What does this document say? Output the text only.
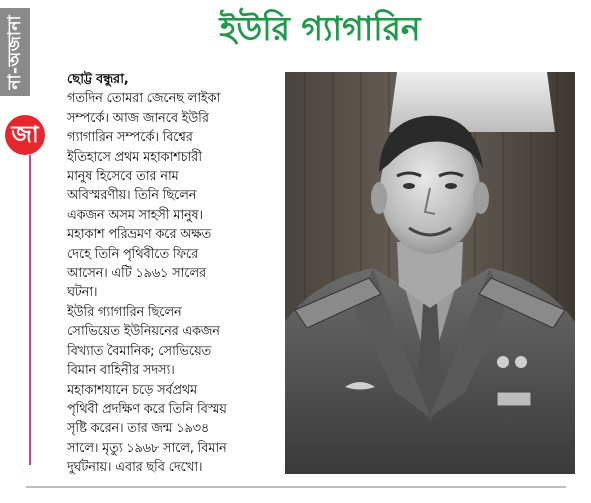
না-অজানা
জা
ইউরি গ্যাগারিন
ছোট্ট বন্ধুরা,
গতদিন তোমরা জেনেছ লাইকা
সম্পর্কে। আজ জানবে ইউরি
গ্যাগারিন সম্পর্কে। বিশ্বের
ইতিহাসে প্রথম মহাকাশচারী
মানুষ হিসেবে তার নাম
অবিস্মরণীয়। তিনি ছিলেন
একজন অসম সাহসী মানুষ।
মহাকাশ পরিভ্রমণ করে অক্ষত
দেহে তিনি পৃথিবীতে ফিরে
আসেন। এটি ১৯৬১ সালের
ঘটনা।
ইউরি গ্যাগারিন ছিলেন
সোভিয়েত ইউনিয়নের একজন
বিখ্যাত বৈমানিক; সোভিয়েত
বিমান বাহিনীর সদস্য।
মহাকাশযানে চড়ে সর্বপ্রথম
পৃথিবী প্রদক্ষিণ করে তিনি বিস্ময়
সৃষ্টি করেন। তার জন্ম ১৯৩৪
সালে। মৃত্যু ১৯৬৮ সালে, বিমান
দুর্ঘটনায়। এবার ছবি দেখো।
